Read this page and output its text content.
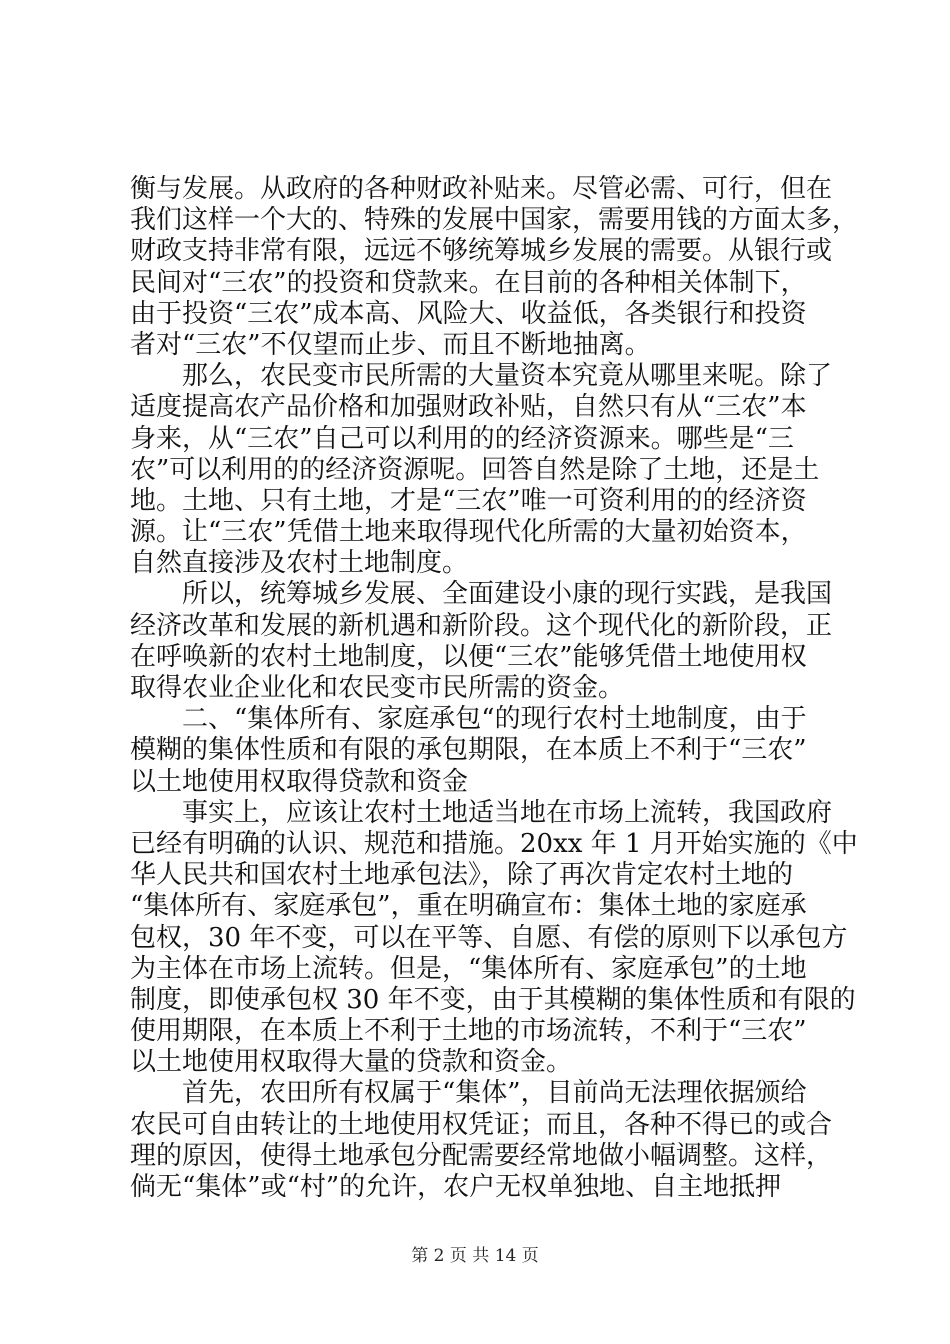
衡与发展。从政府的各种财政补贴来。尽管必需、可行，但在
我们这样一个大的、特殊的发展中国家，需要用钱的方面太多，
财政支持非常有限，远远不够统筹城乡发展的需要。从银行或
民间对“三农”的投资和贷款来。在目前的各种相关体制下，
由于投资“三农”成本高、风险大、收益低，各类银行和投资
者对“三农”不仅望而止步、而且不断地抽离。
　　那么，农民变市民所需的大量资本究竟从哪里来呢。除了
适度提高农产品价格和加强财政补贴，自然只有从“三农”本
身来，从“三农”自己可以利用的的经济资源来。哪些是“三
农”可以利用的的经济资源呢。回答自然是除了土地，还是土
地。土地、只有土地，才是“三农”唯一可资利用的的经济资
源。让“三农”凭借土地来取得现代化所需的大量初始资本，
自然直接涉及农村土地制度。
　　所以，统筹城乡发展、全面建设小康的现行实践，是我国
经济改革和发展的新机遇和新阶段。这个现代化的新阶段，正
在呼唤新的农村土地制度，以便“三农”能够凭借土地使用权
取得农业企业化和农民变市民所需的资金。
　　二、“集体所有、家庭承包“的现行农村土地制度，由于
模糊的集体性质和有限的承包期限，在本质上不利于“三农”
以土地使用权取得贷款和资金
　　事实上，应该让农村土地适当地在市场上流转，我国政府
已经有明确的认识、规范和措施。20xx 年 1 月开始实施的《中
华人民共和国农村土地承包法》，除了再次肯定农村土地的
“集体所有、家庭承包”，重在明确宣布：集体土地的家庭承
包权，30 年不变，可以在平等、自愿、有偿的原则下以承包方
为主体在市场上流转。但是，“集体所有、家庭承包”的土地
制度，即使承包权 30 年不变，由于其模糊的集体性质和有限的
使用期限，在本质上不利于土地的市场流转，不利于“三农”
以土地使用权取得大量的贷款和资金。
　　首先，农田所有权属于“集体”，目前尚无法理依据颁给
农民可自由转让的土地使用权凭证；而且，各种不得已的或合
理的原因，使得土地承包分配需要经常地做小幅调整。这样，
倘无“集体”或“村”的允许，农户无权单独地、自主地抵押
第 2 页 共 14 页
